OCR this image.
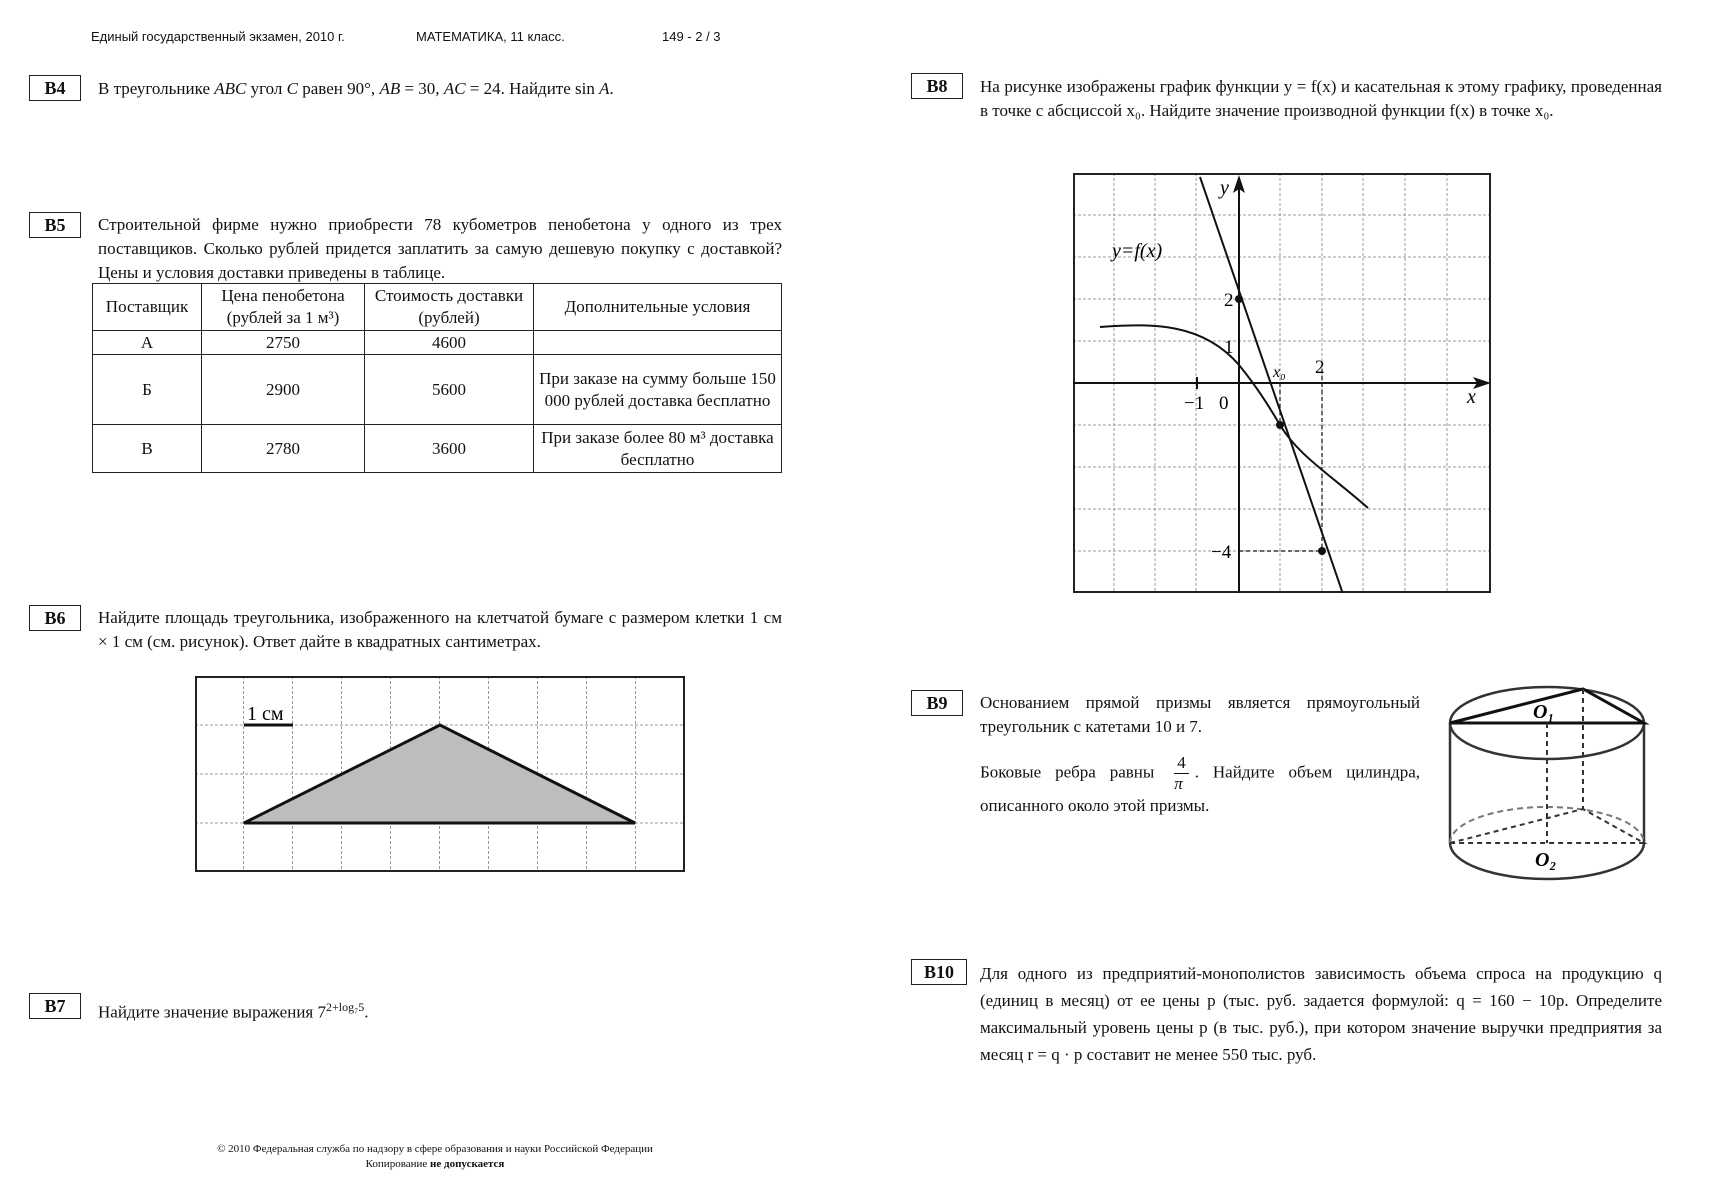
Единый государственный экзамен, 2010 г.	МАТЕМАТИКА, 11 класс.	149 - 2 / 3
B4	В треугольнике ABC угол C равен 90°, AB = 30, AC = 24. Найдите sin A.
B5	Строительной фирме нужно приобрести 78 кубометров пенобетона у одного из трех поставщиков. Сколько рублей придется заплатить за самую дешевую покупку с доставкой? Цены и условия доставки приведены в таблице.
Поставщик	Цена пенобетона (рублей за 1 м³)	Стоимость доставки (рублей)	Дополнительные условия
А	2750	4600	
Б	2900	5600	При заказе на сумму больше 150 000 рублей доставка бесплатно
В	2780	3600	При заказе более 80 м³ доставка бесплатно
B6	Найдите площадь треугольника, изображенного на клетчатой бумаге с размером клетки 1 см × 1 см (см. рисунок). Ответ дайте в квадратных сантиметрах.
1 см
B7	Найдите значение выражения $7^{2+log_75}$.
B8	На рисунке изображены график функции y = f(x) и касательная к этому графику, проведенная в точке с абсциссой x₀. Найдите значение производной функции f(x) в точке x₀.
y
x
y=f(x)
−1 0
2
1
2
−4
x₀
B9	Основанием прямой призмы является прямоугольный треугольник с катетами 10 и 7.
Боковые ребра равны $\frac{4}{\pi}$ . Найдите объем цилиндра, описанного около этой призмы.
O₁
O₂
B10	Для одного из предприятий-монополистов зависимость объема спроса на продукцию q (единиц в месяц) от ее цены p (тыс. руб. задается формулой: q = 160 − 10p. Определите максимальный уровень цены p (в тыс. руб.), при котором значение выручки предприятия за месяц r = q · p составит не менее 550 тыс. руб.
© 2010 Федеральная служба по надзору в сфере образования и науки Российской Федерации
Копирование не допускается
